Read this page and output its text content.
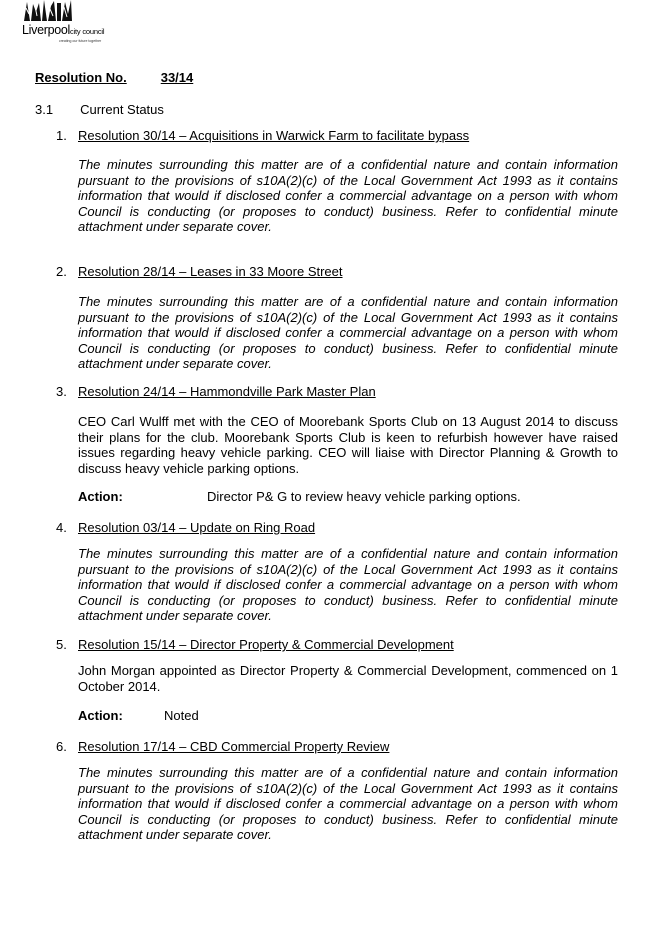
Liverpoolcity council
creating our future together
Resolution No.	33/14
3.1 Current Status
1. Resolution 30/14 – Acquisitions in Warwick Farm to facilitate bypass

The minutes surrounding this matter are of a confidential nature and contain information pursuant to the provisions of s10A(2)(c) of the Local Government Act 1993 as it contains information that would if disclosed confer a commercial advantage on a person with whom Council is conducting (or proposes to conduct) business. Refer to confidential minute attachment under separate cover.

2. Resolution 28/14 – Leases in 33 Moore Street

The minutes surrounding this matter are of a confidential nature and contain information pursuant to the provisions of s10A(2)(c) of the Local Government Act 1993 as it contains information that would if disclosed confer a commercial advantage on a person with whom Council is conducting (or proposes to conduct) business. Refer to confidential minute attachment under separate cover.

3. Resolution 24/14 – Hammondville Park Master Plan

CEO Carl Wulff met with the CEO of Moorebank Sports Club on 13 August 2014 to discuss their plans for the club. Moorebank Sports Club is keen to refurbish however have raised issues regarding heavy vehicle parking. CEO will liaise with Director Planning & Growth to discuss heavy vehicle parking options.

Action:	Director P& G to review heavy vehicle parking options.
4. Resolution 03/14 – Update on Ring Road

The minutes surrounding this matter are of a confidential nature and contain information pursuant to the provisions of s10A(2)(c) of the Local Government Act 1993 as it contains information that would if disclosed confer a commercial advantage on a person with whom Council is conducting (or proposes to conduct) business. Refer to confidential minute attachment under separate cover.

5. Resolution 15/14 – Director Property & Commercial Development

John Morgan appointed as Director Property & Commercial Development, commenced on 1 October 2014.

Action:	Noted
6. Resolution 17/14 – CBD Commercial Property Review

The minutes surrounding this matter are of a confidential nature and contain information pursuant to the provisions of s10A(2)(c) of the Local Government Act 1993 as it contains information that would if disclosed confer a commercial advantage on a person with whom Council is conducting (or proposes to conduct) business. Refer to confidential minute attachment under separate cover.
